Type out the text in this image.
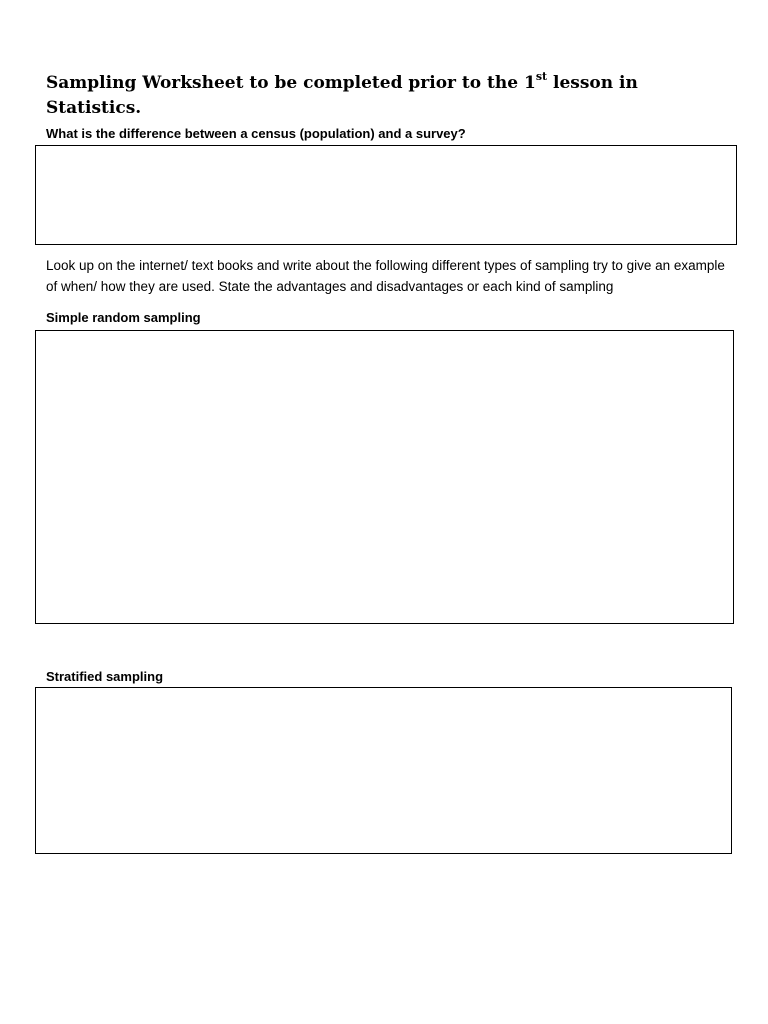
Sampling Worksheet to be completed prior to the 1st lesson in Statistics.

What is the difference between a census (population) and a survey?

Look up on the internet/ text books and write about the following different types of sampling try to give an example of when/ how they are used. State the advantages and disadvantages or each kind of sampling

Simple random sampling

Stratified sampling
